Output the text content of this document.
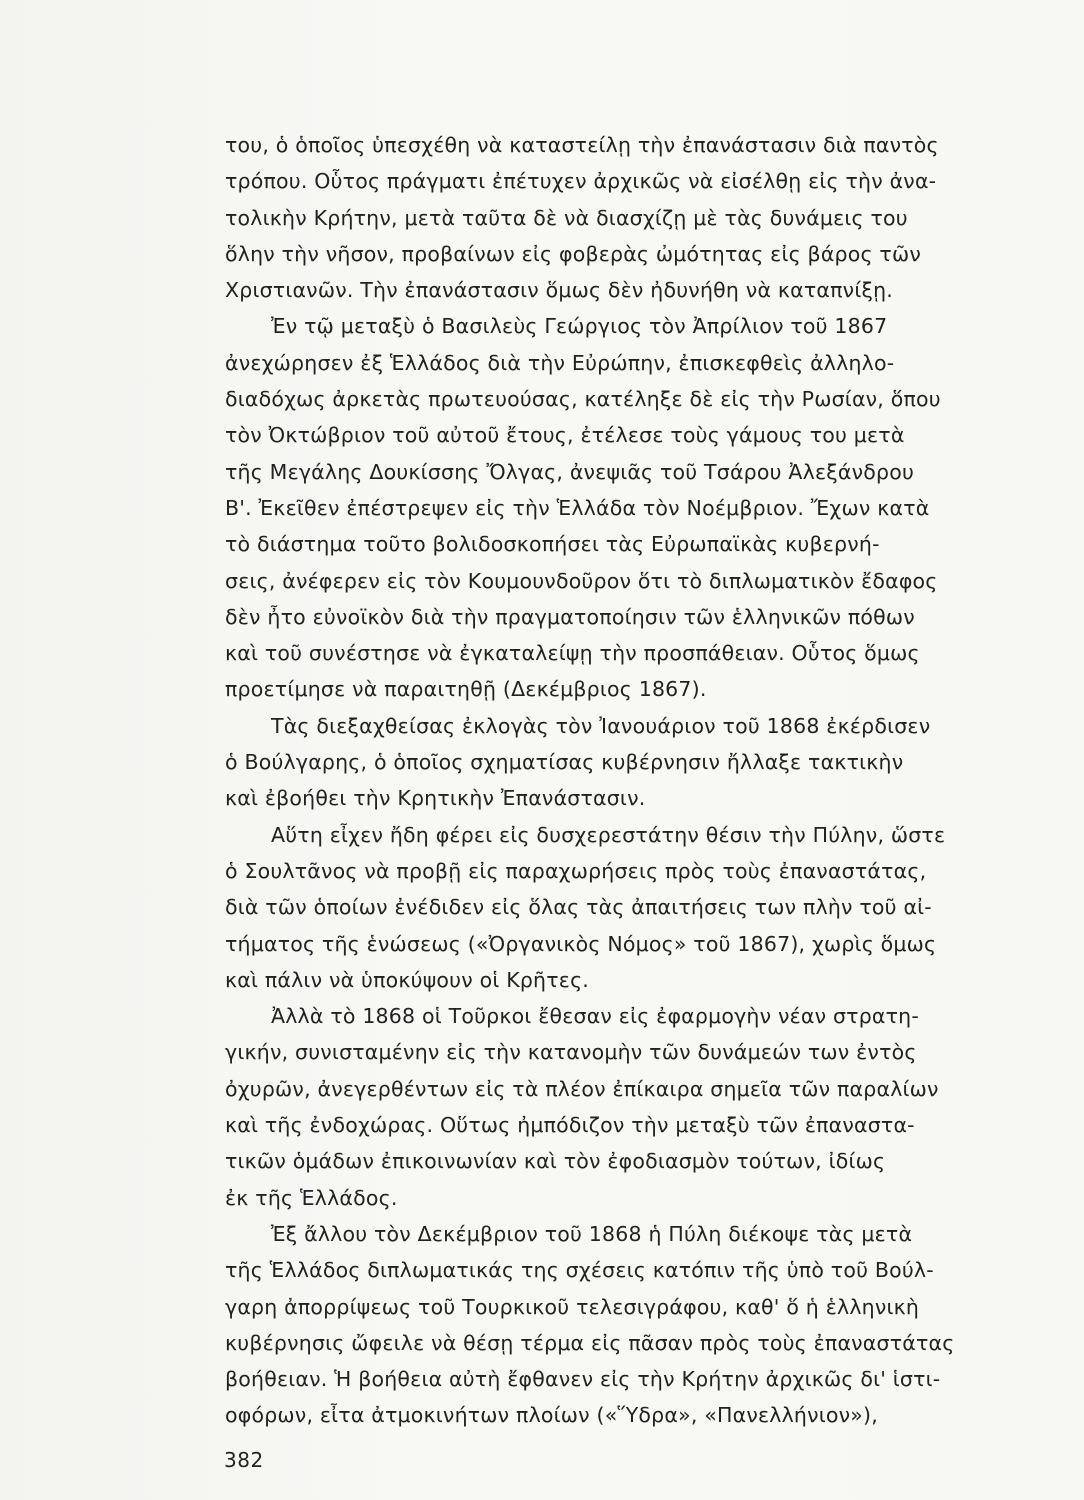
του, ὁ ὁποῖος ὑπεσχέθη νὰ καταστείλῃ τὴν ἐπανάστασιν διὰ παντὸς
τρόπου. Οὗτος πράγματι ἐπέτυχεν ἀρχικῶς νὰ εἰσέλθῃ εἰς τὴν ἀνα-
τολικὴν Κρήτην, μετὰ ταῦτα δὲ νὰ διασχίζῃ μὲ τὰς δυνάμεις του
ὅλην τὴν νῆσον, προβαίνων εἰς φοβερὰς ὠμότητας εἰς βάρος τῶν
Χριστιανῶν. Τὴν ἐπανάστασιν ὅμως δὲν ἠδυνήθη νὰ καταπνίξῃ.
Ἐν τῷ μεταξὺ ὁ Βασιλεὺς Γεώργιος τὸν Ἀπρίλιον τοῦ 1867
ἀνεχώρησεν ἐξ Ἑλλάδος διὰ τὴν Εὐρώπην, ἐπισκεφθεὶς ἀλληλο-
διαδόχως ἀρκετὰς πρωτευούσας, κατέληξε δὲ εἰς τὴν Ρωσίαν, ὅπου
τὸν Ὀκτώβριον τοῦ αὐτοῦ ἔτους, ἐτέλεσε τοὺς γάμους του μετὰ
τῆς Μεγάλης Δουκίσσης Ὄλγας, ἀνεψιᾶς τοῦ Τσάρου Ἀλεξάνδρου
Β'. Ἐκεῖθεν ἐπέστρεψεν εἰς τὴν Ἑλλάδα τὸν Νοέμβριον. Ἔχων κατὰ
τὸ διάστημα τοῦτο βολιδοσκοπήσει τὰς Εὐρωπαϊκὰς κυβερνή-
σεις, ἀνέφερεν εἰς τὸν Κουμουνδοῦρον ὅτι τὸ διπλωματικὸν ἔδαφος
δὲν ἦτο εὐνοϊκὸν διὰ τὴν πραγματοποίησιν τῶν ἑλληνικῶν πόθων
καὶ τοῦ συνέστησε νὰ ἐγκαταλείψῃ τὴν προσπάθειαν. Οὗτος ὅμως
προετίμησε νὰ παραιτηθῇ (Δεκέμβριος 1867).
Τὰς διεξαχθείσας ἐκλογὰς τὸν Ἰανουάριον τοῦ 1868 ἐκέρδισεν
ὁ Βούλγαρης, ὁ ὁποῖος σχηματίσας κυβέρνησιν ἤλλαξε τακτικὴν
καὶ ἐβοήθει τὴν Κρητικὴν Ἐπανάστασιν.
Αὕτη εἶχεν ἤδη φέρει εἰς δυσχερεστάτην θέσιν τὴν Πύλην, ὥστε
ὁ Σουλτᾶνος νὰ προβῇ εἰς παραχωρήσεις πρὸς τοὺς ἐπαναστάτας,
διὰ τῶν ὁποίων ἐνέδιδεν εἰς ὅλας τὰς ἀπαιτήσεις των πλὴν τοῦ αἰ-
τήματος τῆς ἑνώσεως («Ὀργανικὸς Νόμος» τοῦ 1867), χωρὶς ὅμως
καὶ πάλιν νὰ ὑποκύψουν οἱ Κρῆτες.
Ἀλλὰ τὸ 1868 οἱ Τοῦρκοι ἔθεσαν εἰς ἐφαρμογὴν νέαν στρατη-
γικήν, συνισταμένην εἰς τὴν κατανομὴν τῶν δυνάμεών των ἐντὸς
ὀχυρῶν, ἀνεγερθέντων εἰς τὰ πλέον ἐπίκαιρα σημεῖα τῶν παραλίων
καὶ τῆς ἐνδοχώρας. Οὕτως ἠμπόδιζον τὴν μεταξὺ τῶν ἐπαναστα-
τικῶν ὁμάδων ἐπικοινωνίαν καὶ τὸν ἐφοδιασμὸν τούτων, ἰδίως
ἐκ τῆς Ἑλλάδος.
Ἐξ ἄλλου τὸν Δεκέμβριον τοῦ 1868 ἡ Πύλη διέκοψε τὰς μετὰ
τῆς Ἑλλάδος διπλωματικάς της σχέσεις κατόπιν τῆς ὑπὸ τοῦ Βούλ-
γαρη ἀπορρίψεως τοῦ Τουρκικοῦ τελεσιγράφου, καθ' ὅ ἡ ἑλληνικὴ
κυβέρνησις ὤφειλε νὰ θέσῃ τέρμα εἰς πᾶσαν πρὸς τοὺς ἐπαναστάτας
βοήθειαν. Ἡ βοήθεια αὐτὴ ἔφθανεν εἰς τὴν Κρήτην ἀρχικῶς δι' ἱστι-
οφόρων, εἶτα ἀτμοκινήτων πλοίων («Ὕδρα», «Πανελλήνιον»),
382
